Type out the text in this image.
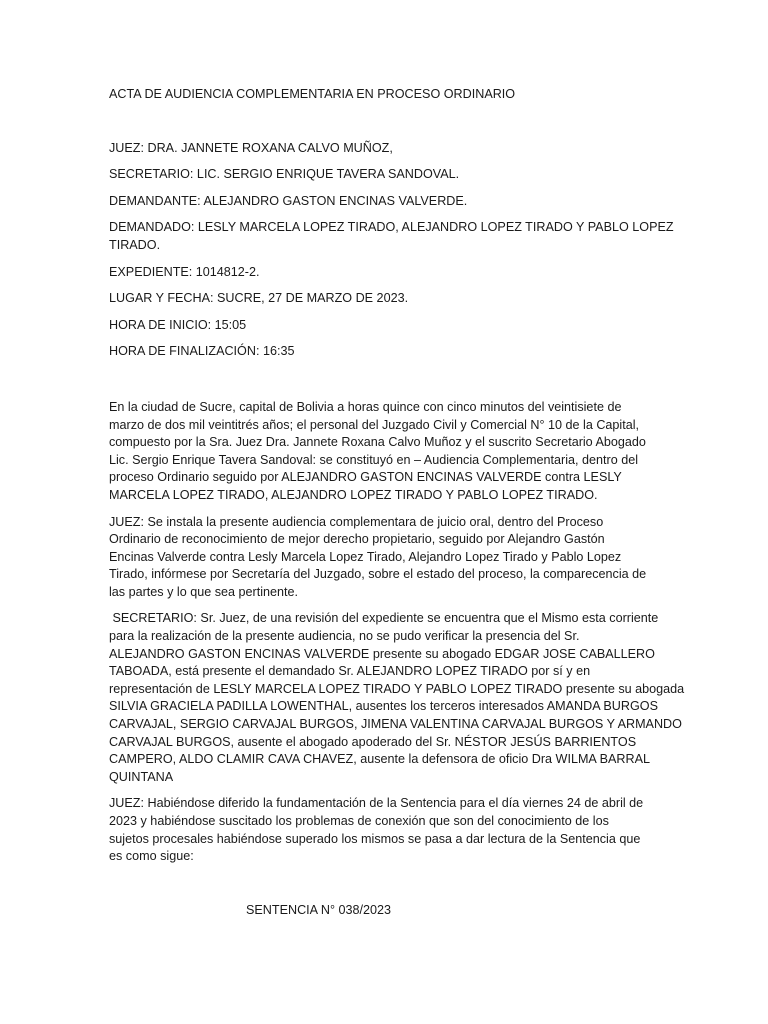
ACTA DE AUDIENCIA COMPLEMENTARIA EN PROCESO ORDINARIO

JUEZ: DRA. JANNETE ROXANA CALVO MUÑOZ,

SECRETARIO: LIC. SERGIO ENRIQUE TAVERA SANDOVAL.

DEMANDANTE: ALEJANDRO GASTON ENCINAS VALVERDE.

DEMANDADO: LESLY MARCELA LOPEZ TIRADO, ALEJANDRO LOPEZ TIRADO Y PABLO LOPEZ

TIRADO.

EXPEDIENTE: 1014812-2.

LUGAR Y FECHA: SUCRE, 27 DE MARZO DE 2023.

HORA DE INICIO: 15:05

HORA DE FINALIZACIÓN: 16:35

En la ciudad de Sucre, capital de Bolivia a horas quince con cinco minutos del veintisiete de

marzo de dos mil veintitrés años; el personal del Juzgado Civil y Comercial N° 10 de la Capital,

compuesto por la Sra. Juez Dra. Jannete Roxana Calvo Muñoz y el suscrito Secretario Abogado

Lic. Sergio Enrique Tavera Sandoval: se constituyó en – Audiencia Complementaria, dentro del

proceso Ordinario seguido por ALEJANDRO GASTON ENCINAS VALVERDE contra LESLY

MARCELA LOPEZ TIRADO, ALEJANDRO LOPEZ TIRADO Y PABLO LOPEZ TIRADO.

JUEZ: Se instala la presente audiencia complementara de juicio oral, dentro del Proceso

Ordinario de reconocimiento de mejor derecho propietario, seguido por Alejandro Gastón

Encinas Valverde contra Lesly Marcela Lopez Tirado, Alejandro Lopez Tirado y Pablo Lopez

Tirado, infórmese por Secretaría del Juzgado, sobre el estado del proceso, la comparecencia de

las partes y lo que sea pertinente.

SECRETARIO: Sr. Juez, de una revisión del expediente se encuentra que el Mismo esta corriente

para la realización de la presente audiencia, no se pudo verificar la presencia del Sr.

ALEJANDRO GASTON ENCINAS VALVERDE presente su abogado EDGAR JOSE CABALLERO

TABOADA, está presente el demandado Sr. ALEJANDRO LOPEZ TIRADO por sí y en

representación de LESLY MARCELA LOPEZ TIRADO Y PABLO LOPEZ TIRADO presente su abogada

SILVIA GRACIELA PADILLA LOWENTHAL, ausentes los terceros interesados AMANDA BURGOS

CARVAJAL, SERGIO CARVAJAL BURGOS, JIMENA VALENTINA CARVAJAL BURGOS Y ARMANDO

CARVAJAL BURGOS, ausente el abogado apoderado del Sr. NÉSTOR JESÚS BARRIENTOS

CAMPERO, ALDO CLAMIR CAVA CHAVEZ, ausente la defensora de oficio Dra WILMA BARRAL

QUINTANA

JUEZ: Habiéndose diferido la fundamentación de la Sentencia para el día viernes 24 de abril de

2023 y habiéndose suscitado los problemas de conexión que son del conocimiento de los

sujetos procesales habiéndose superado los mismos se pasa a dar lectura de la Sentencia que

es como sigue:

SENTENCIA N° 038/2023
